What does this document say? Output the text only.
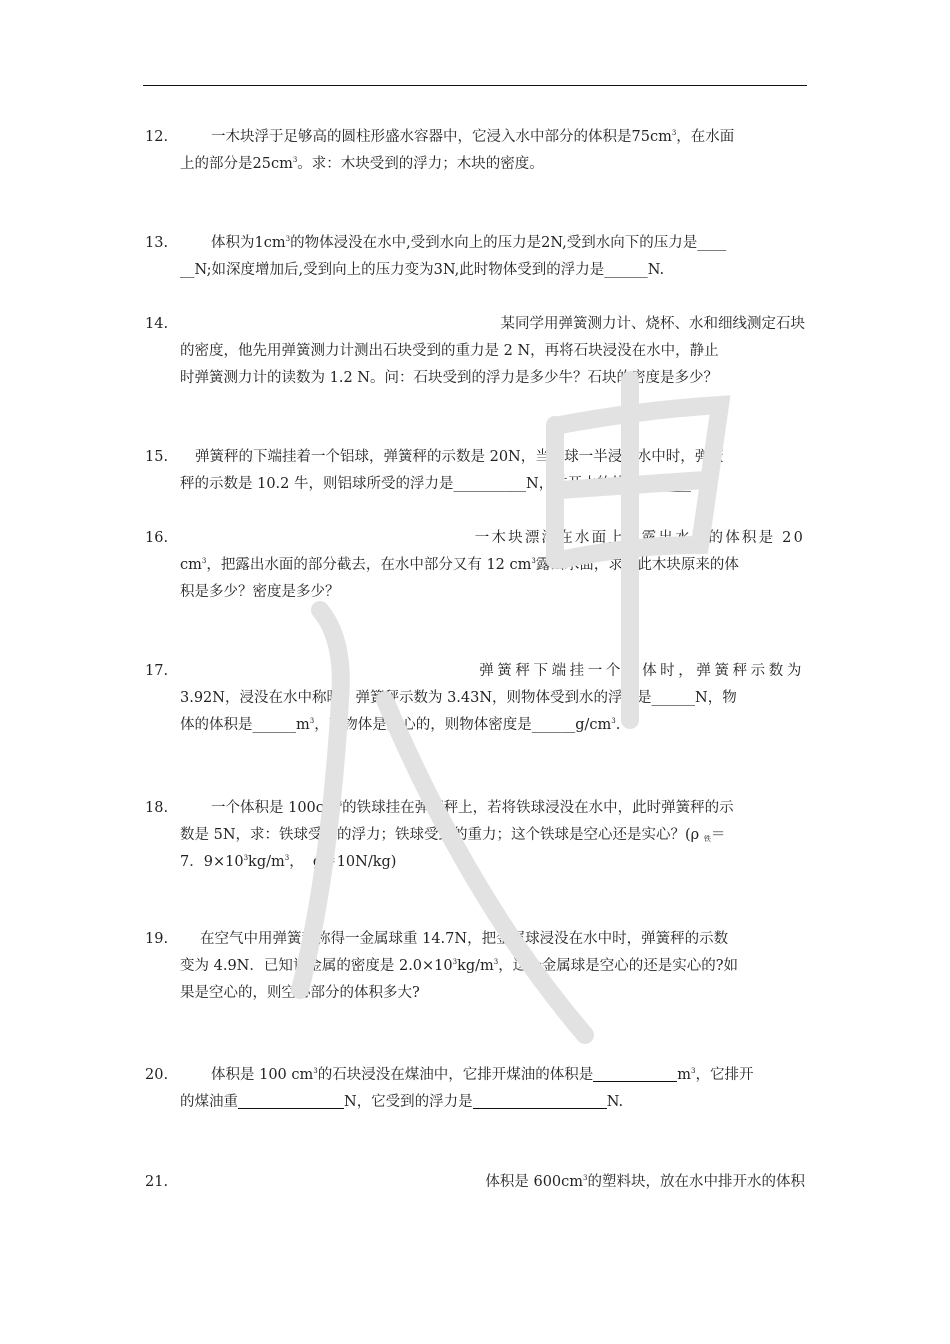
12.	一木块浮于足够高的圆柱形盛水容器中，它浸入水中部分的体积是$75cm^3$，在水面
上的部分是$25cm^3$。求：木块受到的浮力；木块的密度。
13.	体积为$1cm^3$的物体浸没在水中,受到水向上的压力是2N,受到水向下的压力是____
__N;如深度增加后,受到向上的压力变为3N,此时物体受到的浮力是______N.
14.	某同学用弹簧测力计、烧杯、水和细线测定石块
的密度，他先用弹簧测力计测出石块受到的重力是 2 N，再将石块浸没在水中，静止
时弹簧测力计的读数为 1.2 N。问：石块受到的浮力是多少牛？石块的密度是多少？
15. 弹簧秤的下端挂着一个铝球，弹簧秤的示数是 20N，当铝球一半浸入水中时，弹簧
秤的示数是 10.2 牛，则铝球所受的浮力是__________N，排开水的体积是$\_\_\_\_\_m^3$。
16.	一木块漂浮在水面上，露出水面的体积是 20
$cm^3$，把露出水面的部分截去，在水中部分又有 12 $cm^3$露出水面，求：此木块原来的体
积是多少？密度是多少？
17.	弹簧秤下端挂一个物体时，弹簧秤示数为
3.92N，浸没在水中称时，弹簧秤示数为 3.43N，则物体受到水的浮力是______N，物
体的体积是$\_\_\_\_\_\_m^3$，若物体是实心的，则物体密度是$\_\_\_\_\_\_g/cm^3$.
18.	一个体积是 $100cm^3$的铁球挂在弹簧秤上，若将铁球浸没在水中，此时弹簧秤的示
数是 5N，求：铁球受到的浮力；铁球受到的重力；这个铁球是空心还是实心？(ρ $_铁$＝
7．$9\times 10^3kg/m^3$，  g＝10N/kg)
19. 在空气中用弹簧秤称得一金属球重 14.7N，把金属球浸没在水中时，弹簧秤的示数
变为 4.9N．已知该金属的密度是 $2.0\times 10^3kg/m^3$，这个金属球是空心的还是实心的?如
果是空心的，则空心部分的体积多大?
20.	体积是 100 $cm^3$的石块浸没在煤油中，它排开煤油的体积是	$m^3$，它排开
的煤油重	N，它受到的浮力是	N.
21.	体积是 $600cm^3$的塑料块，放在水中排开水的体积
